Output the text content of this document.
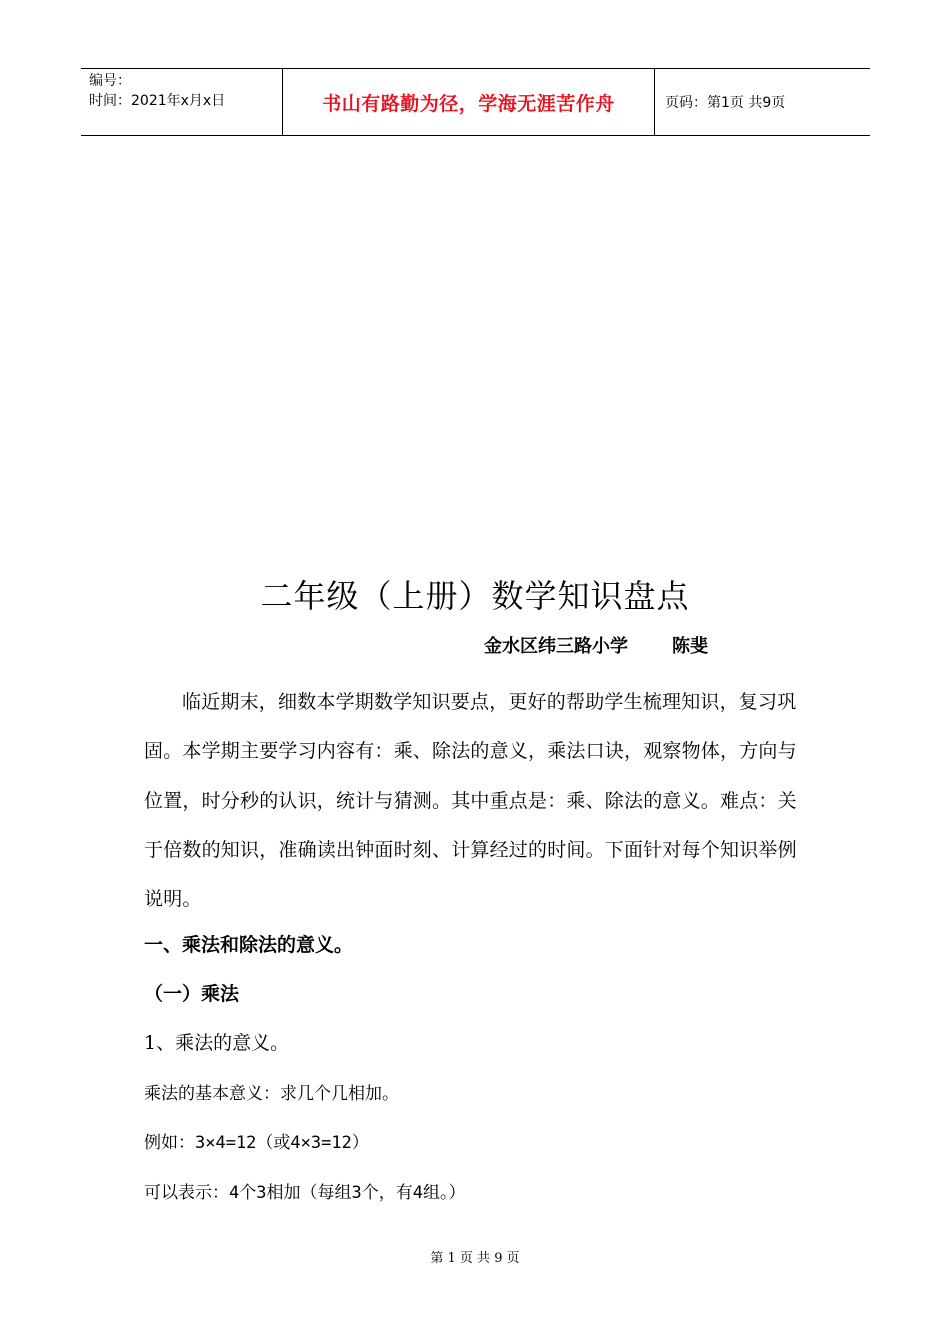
编号：
时间：2021年x月x日	书山有路勤为径，学海无涯苦作舟	页码：第1页 共9页
二年级（上册）数学知识盘点
金水区纬三路小学 陈斐
临近期末，细数本学期数学知识要点，更好的帮助学生梳理知识，复习巩固。本学期主要学习内容有：乘、除法的意义，乘法口诀，观察物体，方向与位置，时分秒的认识，统计与猜测。其中重点是：乘、除法的意义。难点：关于倍数的知识，准确读出钟面时刻、计算经过的时间。下面针对每个知识举例说明。
一、乘法和除法的意义。
（一）乘法
1、乘法的意义。
乘法的基本意义：求几个几相加。
例如：3×4=12（或4×3=12）
可以表示：4个3相加（每组3个，有4组。）
第 1 页 共 9 页
